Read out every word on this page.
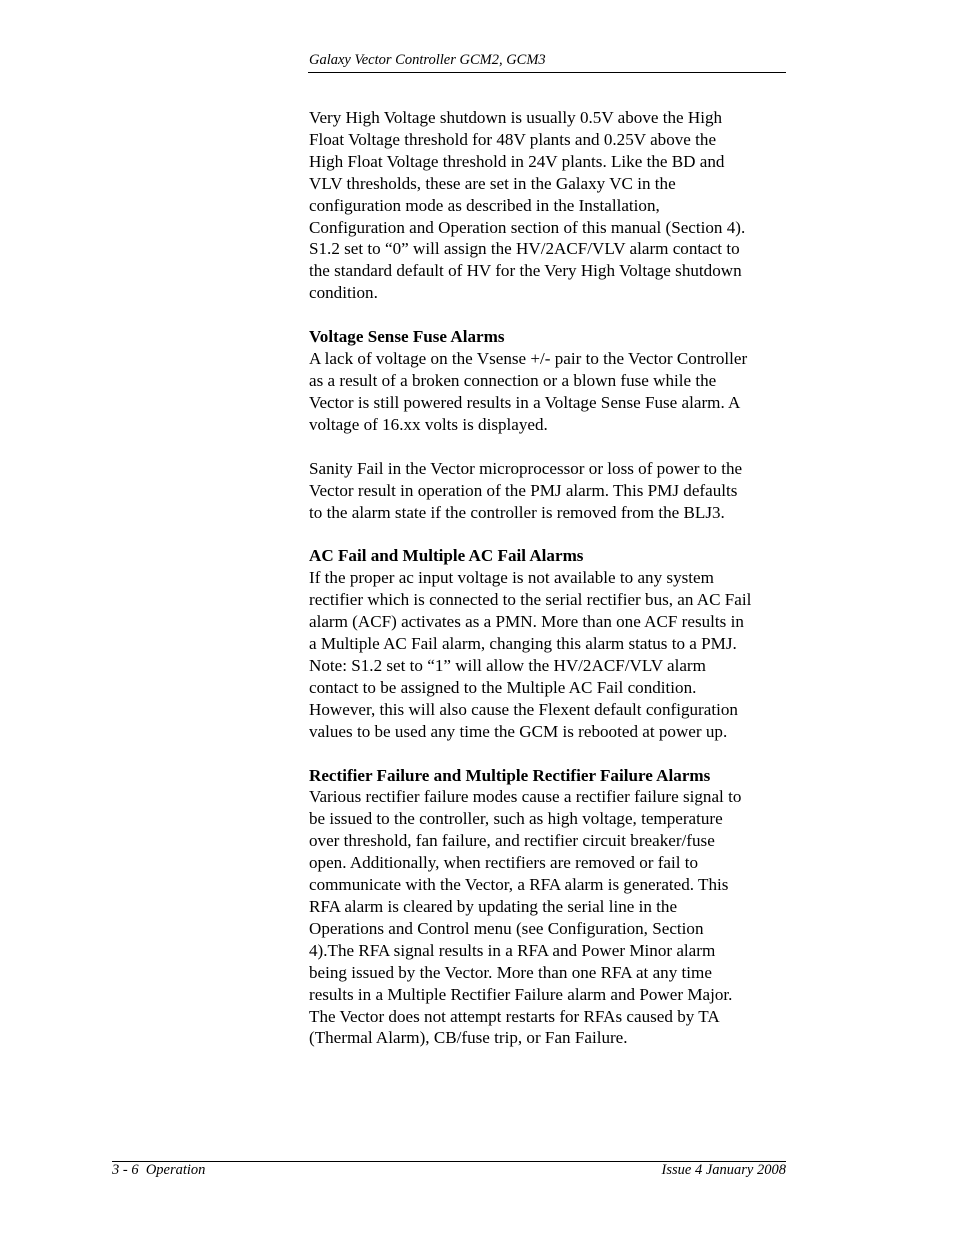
Galaxy Vector Controller GCM2, GCM3
Very High Voltage shutdown is usually 0.5V above the High
Float Voltage threshold for 48V plants and 0.25V above the
High Float Voltage threshold in 24V plants. Like the BD and
VLV thresholds, these are set in the Galaxy VC in the
configuration mode as described in the Installation,
Configuration and Operation section of this manual (Section 4).
S1.2 set to “0” will assign the HV/2ACF/VLV alarm contact to
the standard default of HV for the Very High Voltage shutdown
condition.
Voltage Sense Fuse Alarms
A lack of voltage on the Vsense +/- pair to the Vector Controller
as a result of a broken connection or a blown fuse while the
Vector is still powered results in a Voltage Sense Fuse alarm. A
voltage of 16.xx volts is displayed.
Sanity Fail in the Vector microprocessor or loss of power to the
Vector result in operation of the PMJ alarm. This PMJ defaults
to the alarm state if the controller is removed from the BLJ3.
AC Fail and Multiple AC Fail Alarms
If the proper ac input voltage is not available to any system
rectifier which is connected to the serial rectifier bus, an AC Fail
alarm (ACF) activates as a PMN. More than one ACF results in
a Multiple AC Fail alarm, changing this alarm status to a PMJ.
Note: S1.2 set to “1” will allow the HV/2ACF/VLV alarm
contact to be assigned to the Multiple AC Fail condition.
However, this will also cause the Flexent default configuration
values to be used any time the GCM is rebooted at power up.
Rectifier Failure and Multiple Rectifier Failure Alarms
Various rectifier failure modes cause a rectifier failure signal to
be issued to the controller, such as high voltage, temperature
over threshold, fan failure, and rectifier circuit breaker/fuse
open. Additionally, when rectifiers are removed or fail to
communicate with the Vector, a RFA alarm is generated. This
RFA alarm is cleared by updating the serial line in the
Operations and Control menu (see Configuration, Section
4).The RFA signal results in a RFA and Power Minor alarm
being issued by the Vector. More than one RFA at any time
results in a Multiple Rectifier Failure alarm and Power Major.
The Vector does not attempt restarts for RFAs caused by TA
(Thermal Alarm), CB/fuse trip, or Fan Failure.
3 - 6  Operation	Issue 4 January 2008
